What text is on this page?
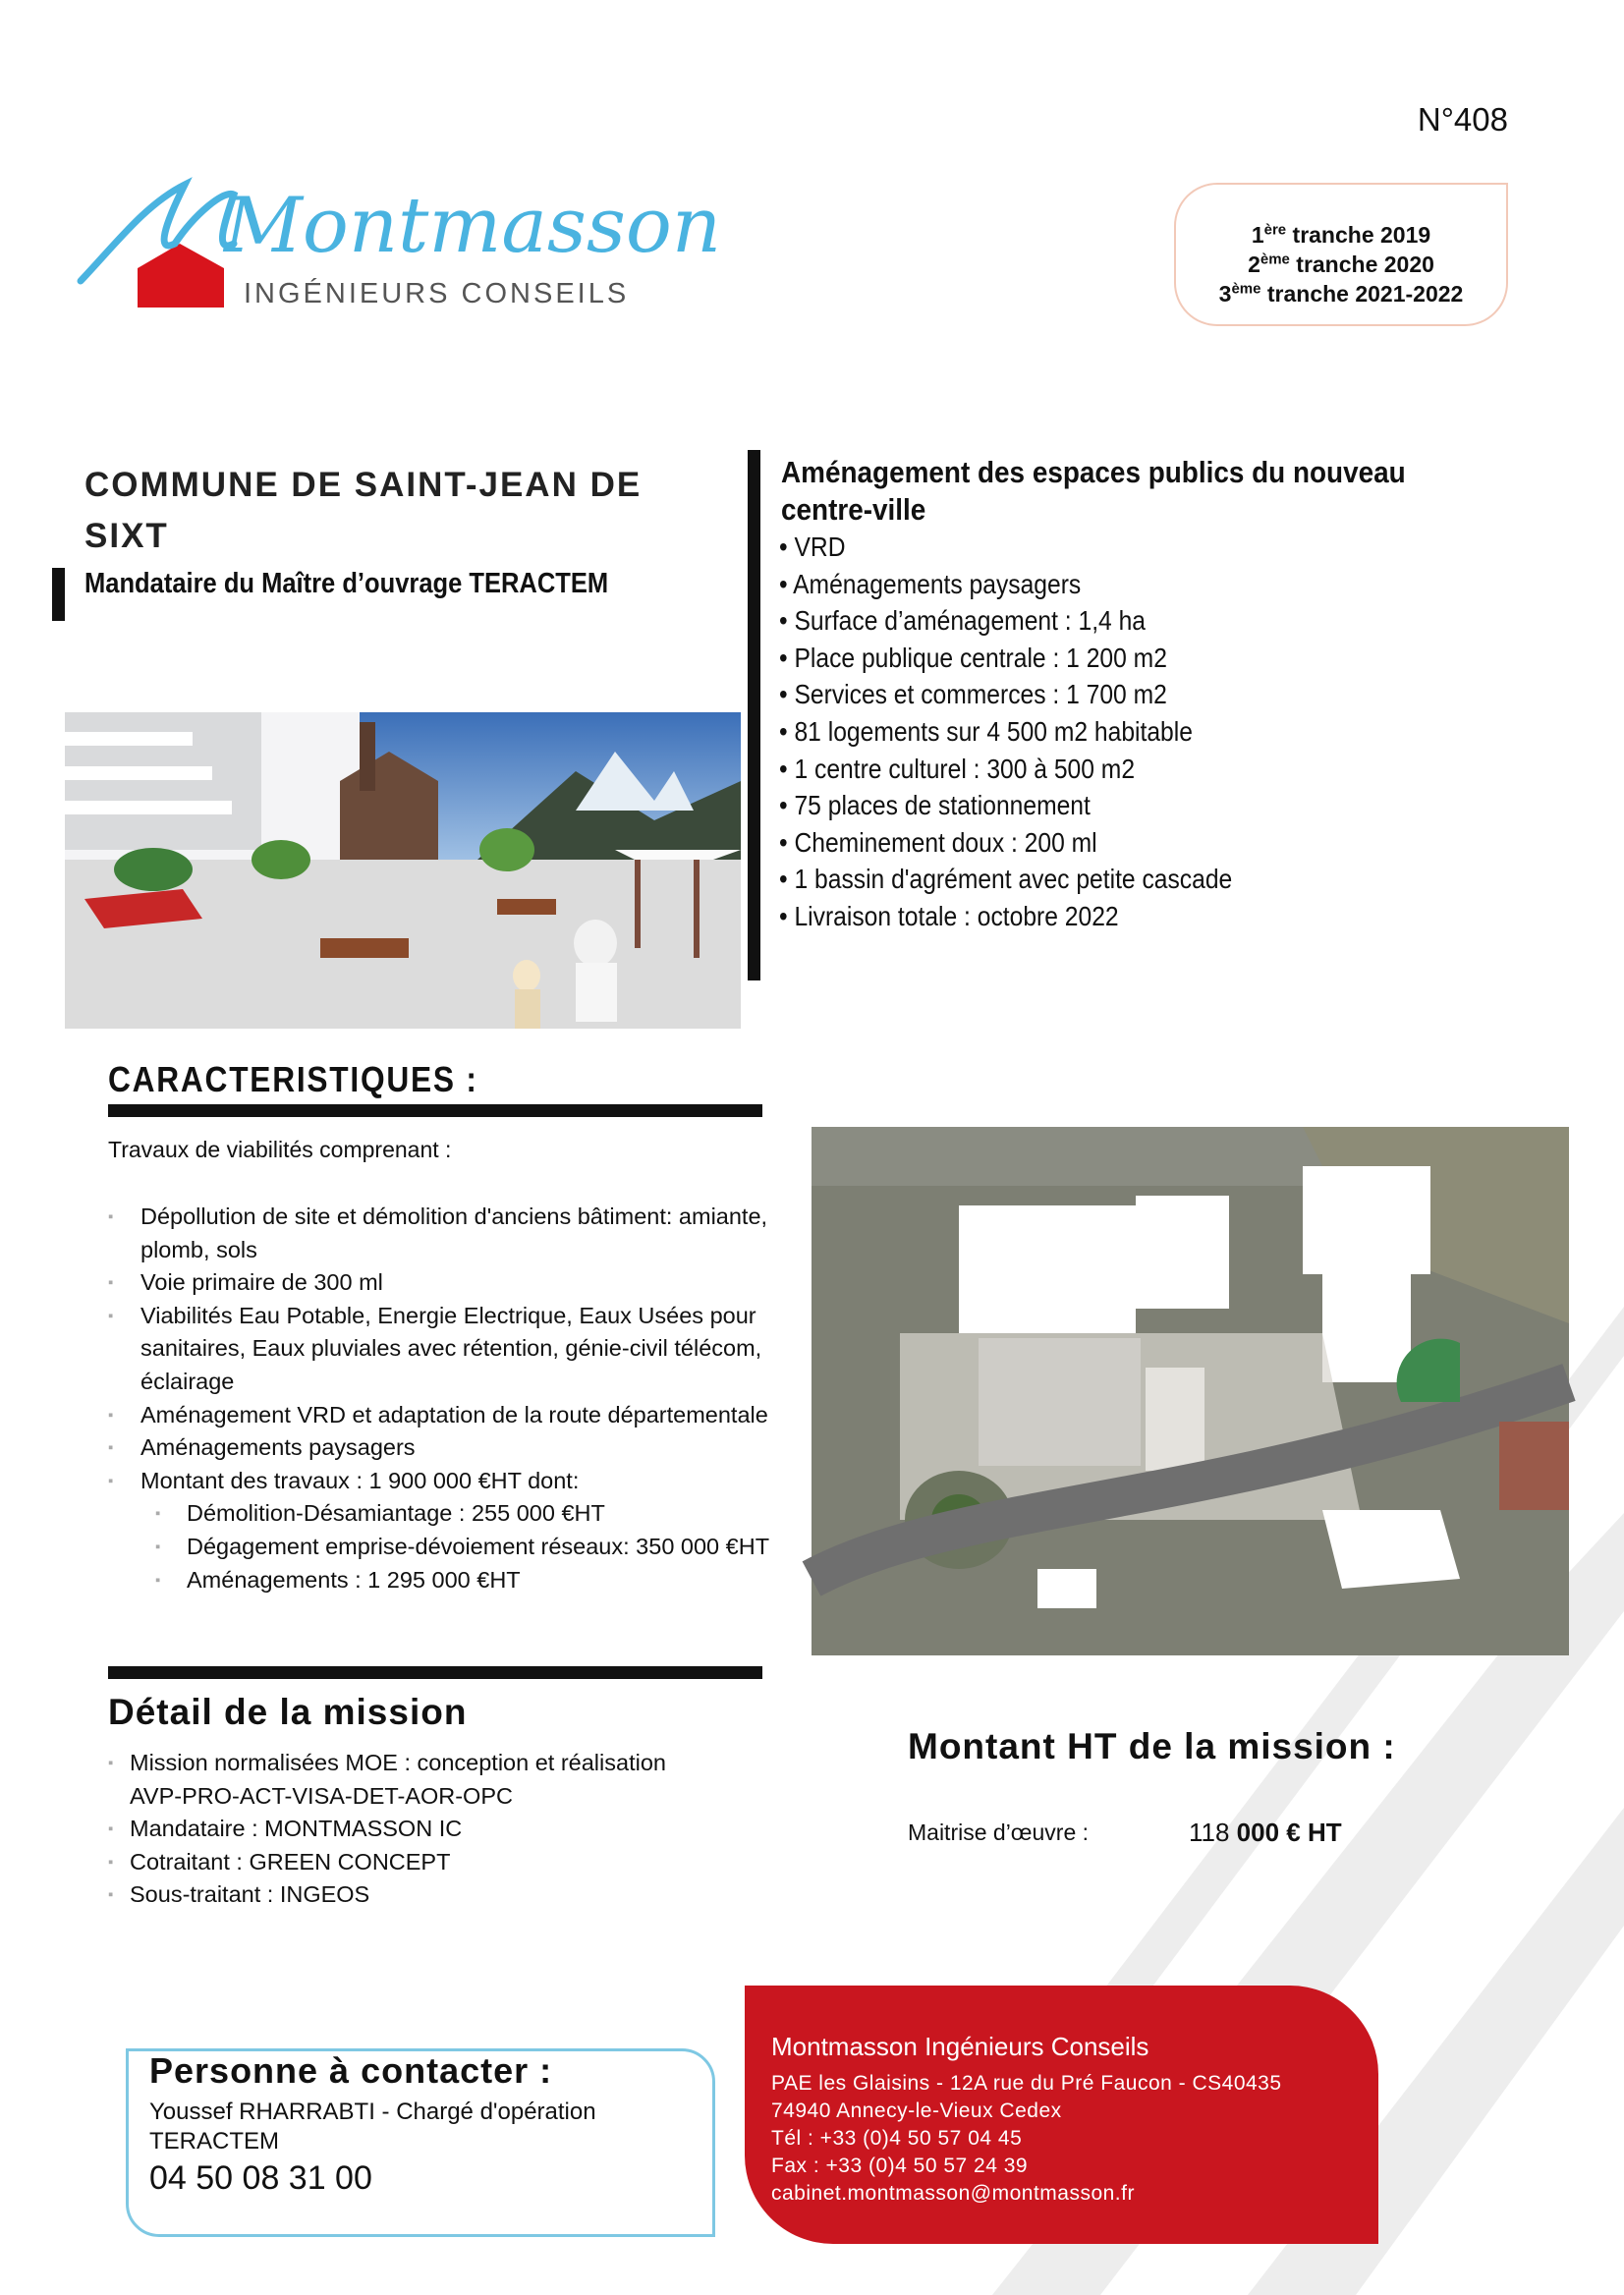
N°408
Montmasson
INGÉNIEURS CONSEILS
1ère tranche 2019
2ème tranche 2020
3ème tranche 2021-2022
COMMUNE DE SAINT-JEAN DE SIXT
Mandataire du Maître d’ouvrage TERACTEM
Aménagement des espaces publics du nouveau centre-ville
• VRD
• Aménagements paysagers
• Surface d’aménagement : 1,4 ha
• Place publique centrale : 1 200 m2
• Services et commerces : 1 700 m2
• 81 logements sur 4 500 m2 habitable
• 1 centre culturel : 300 à 500 m2
• 75 places de stationnement
• Cheminement doux : 200 ml
• 1 bassin d'agrément avec petite cascade
• Livraison totale : octobre 2022
CARACTERISTIQUES :
Travaux de viabilités comprenant :
▪ Dépollution de site et démolition d'anciens bâtiment: amiante, plomb, sols
▪ Voie primaire de 300 ml
▪ Viabilités Eau Potable, Energie Electrique, Eaux Usées pour sanitaires, Eaux pluviales avec rétention, génie-civil télécom, éclairage
▪ Aménagement VRD et adaptation de la route départementale
▪ Aménagements paysagers
▪ Montant des travaux : 1 900 000 €HT dont:
▪ Démolition-Désamiantage : 255 000 €HT
▪ Dégagement emprise-dévoiement réseaux: 350 000 €HT
▪ Aménagements : 1 295 000 €HT
Détail de la mission
▪ Mission normalisées MOE : conception et réalisation AVP-PRO-ACT-VISA-DET-AOR-OPC
▪ Mandataire : MONTMASSON IC
▪ Cotraitant : GREEN CONCEPT
▪ Sous-traitant : INGEOS
Montant HT de la mission :
Maitrise d’œuvre :	118 000 € HT
Personne à contacter :
Youssef RHARRABTI - Chargé d'opération
TERACTEM
04 50 08 31 00
Montmasson Ingénieurs Conseils
PAE les Glaisins - 12A rue du Pré Faucon - CS40435
74940 Annecy-le-Vieux Cedex
Tél : +33 (0)4 50 57 04 45
Fax : +33 (0)4 50 57 24 39
cabinet.montmasson@montmasson.fr
